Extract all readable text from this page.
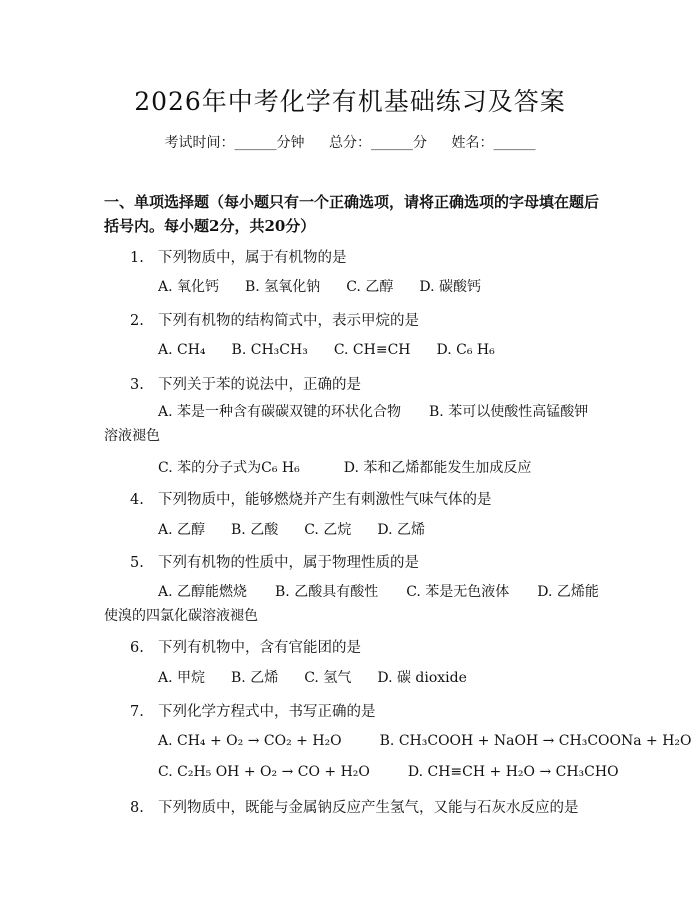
2026年中考化学有机基础练习及答案
考试时间：______分钟 总分：______分 姓名：______
一、单项选择题（每小题只有一个正确选项，请将正确选项的字母填在题后括号内。每小题2分，共20分）
1. 下列物质中，属于有机物的是
A. 氧化钙 B. 氢氧化钠 C. 乙醇 D. 碳酸钙
2. 下列有机物的结构简式中，表示甲烷的是
A. CH₄ B. CH₃CH₃ C. CH≡CH D. C₆ H₆
3. 下列关于苯的说法中，正确的是
A. 苯是一种含有碳碳双键的环状化合物　　B. 苯可以使酸性高锰酸钾溶液褪色
C. 苯的分子式为C₆ H₆	D. 苯和乙烯都能发生加成反应
4. 下列物质中，能够燃烧并产生有刺激性气味气体的是
A. 乙醇 B. 乙酸 C. 乙烷 D. 乙烯
5. 下列有机物的性质中，属于物理性质的是
A. 乙醇能燃烧　　B. 乙酸具有酸性　　C. 苯是无色液体　　D. 乙烯能使溴的四氯化碳溶液褪色
6. 下列有机物中，含有官能团的是
A. 甲烷 B. 乙烯 C. 氢气 D. 碳 dioxide
7. 下列化学方程式中，书写正确的是
A. CH₄ + O₂ → CO₂ + H₂O	B. CH₃COOH + NaOH → CH₃COONa + H₂O
C. C₂H₅ OH + O₂ → CO + H₂O	D. CH≡CH + H₂O → CH₃CHO
8. 下列物质中，既能与金属钠反应产生氢气，又能与石灰水反应的是
